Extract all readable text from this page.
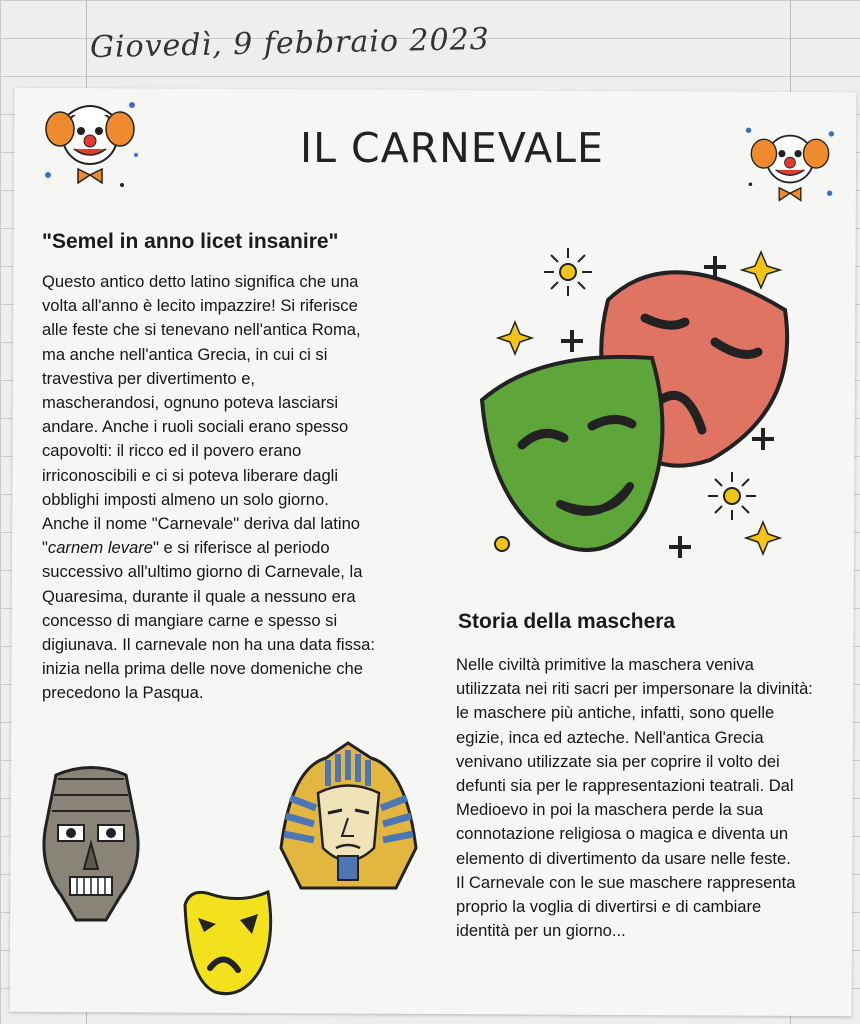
Giovedì, 9 febbraio 2023
IL CARNEVALE
"Semel in anno licet insanire"
Questo antico detto latino significa che una
volta all'anno è lecito impazzire! Si riferisce
alle feste che si tenevano nell'antica Roma,
ma anche nell'antica Grecia, in cui ci si
travestiva per divertimento e,
mascherandosi, ognuno poteva lasciarsi
andare. Anche i ruoli sociali erano spesso
capovolti: il ricco ed il povero erano
irriconoscibili e ci si poteva liberare dagli
obblighi imposti almeno un solo giorno.
Anche il nome "Carnevale" deriva dal latino
"carnem levare" e si riferisce al periodo
successivo all'ultimo giorno di Carnevale, la
Quaresima, durante il quale a nessuno era
concesso di mangiare carne e spesso si
digiunava. Il carnevale non ha una data fissa:
inizia nella prima delle nove domeniche che
precedono la Pasqua.
Storia della maschera
Nelle civiltà primitive la maschera veniva
utilizzata nei riti sacri per impersonare la divinità:
le maschere più antiche, infatti, sono quelle
egizie, inca ed azteche. Nell'antica Grecia
venivano utilizzate sia per coprire il volto dei
defunti sia per le rappresentazioni teatrali. Dal
Medioevo in poi la maschera perde la sua
connotazione religiosa o magica e diventa un
elemento di divertimento da usare nelle feste.
Il Carnevale con le sue maschere rappresenta
proprio la voglia di divertirsi e di cambiare
identità per un giorno...
